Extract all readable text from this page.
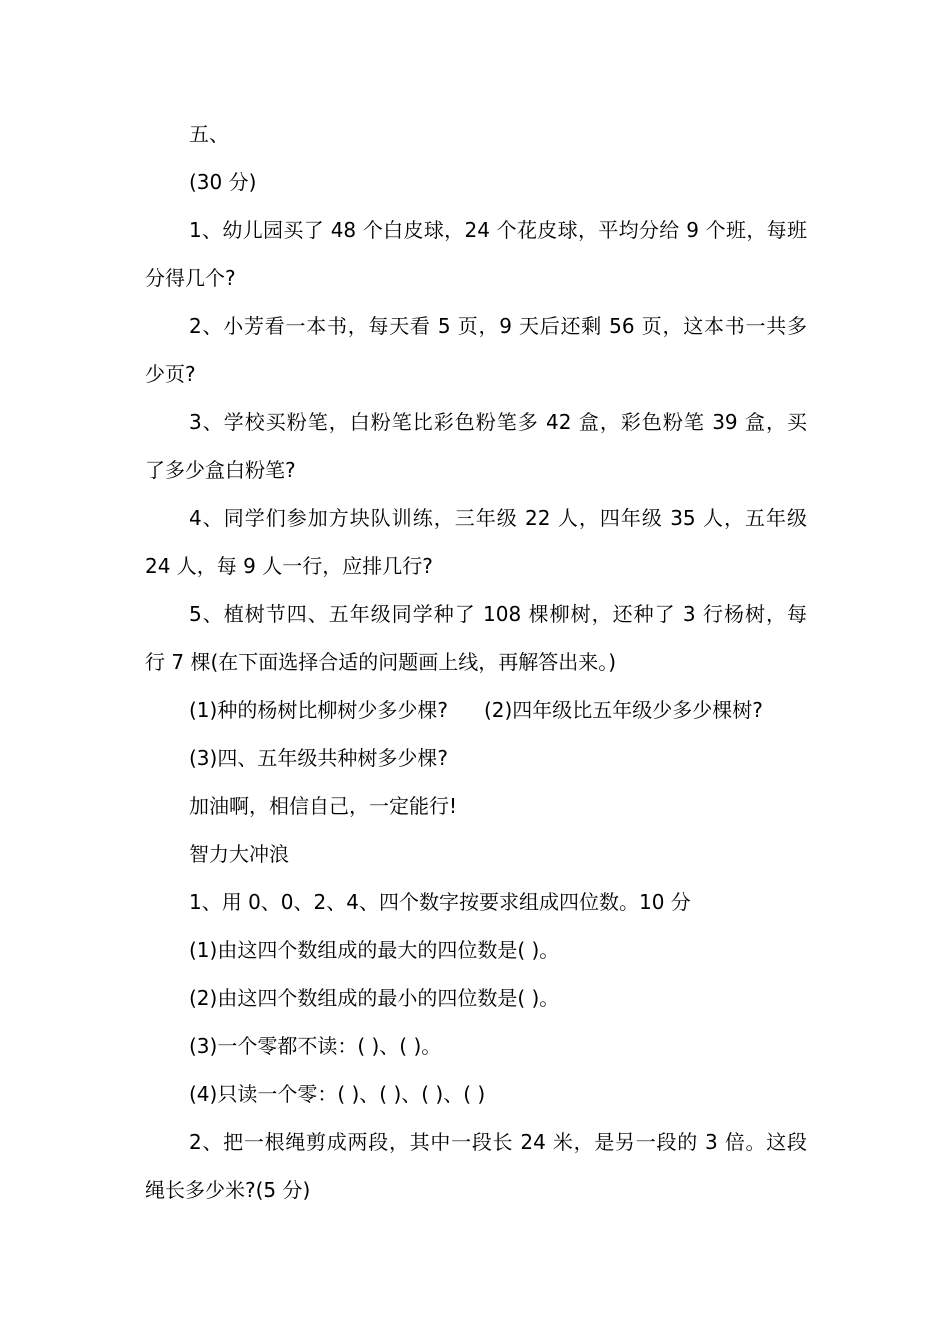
五、
(30 分)
1、幼儿园买了 48 个白皮球，24 个花皮球，平均分给 9 个班，每班
分得几个?
2、小芳看一本书，每天看 5 页，9 天后还剩 56 页，这本书一共多
少页?
3、学校买粉笔，白粉笔比彩色粉笔多 42 盒，彩色粉笔 39 盒，买
了多少盒白粉笔?
4、同学们参加方块队训练，三年级 22 人，四年级 35 人，五年级
24 人，每 9 人一行，应排几行?
5、植树节四、五年级同学种了 108 棵柳树，还种了 3 行杨树，每
行 7 棵(在下面选择合适的问题画上线，再解答出来。)
(1)种的杨树比柳树少多少棵? (2)四年级比五年级少多少棵树?
(3)四、五年级共种树多少棵?
加油啊，相信自己，一定能行!
智力大冲浪
1、用 0、0、2、4、四个数字按要求组成四位数。10 分
(1)由这四个数组成的最大的四位数是( )。
(2)由这四个数组成的最小的四位数是( )。
(3)一个零都不读：( )、( )。
(4)只读一个零：( )、( )、( )、( )
2、把一根绳剪成两段，其中一段长 24 米，是另一段的 3 倍。这段
绳长多少米?(5 分)
